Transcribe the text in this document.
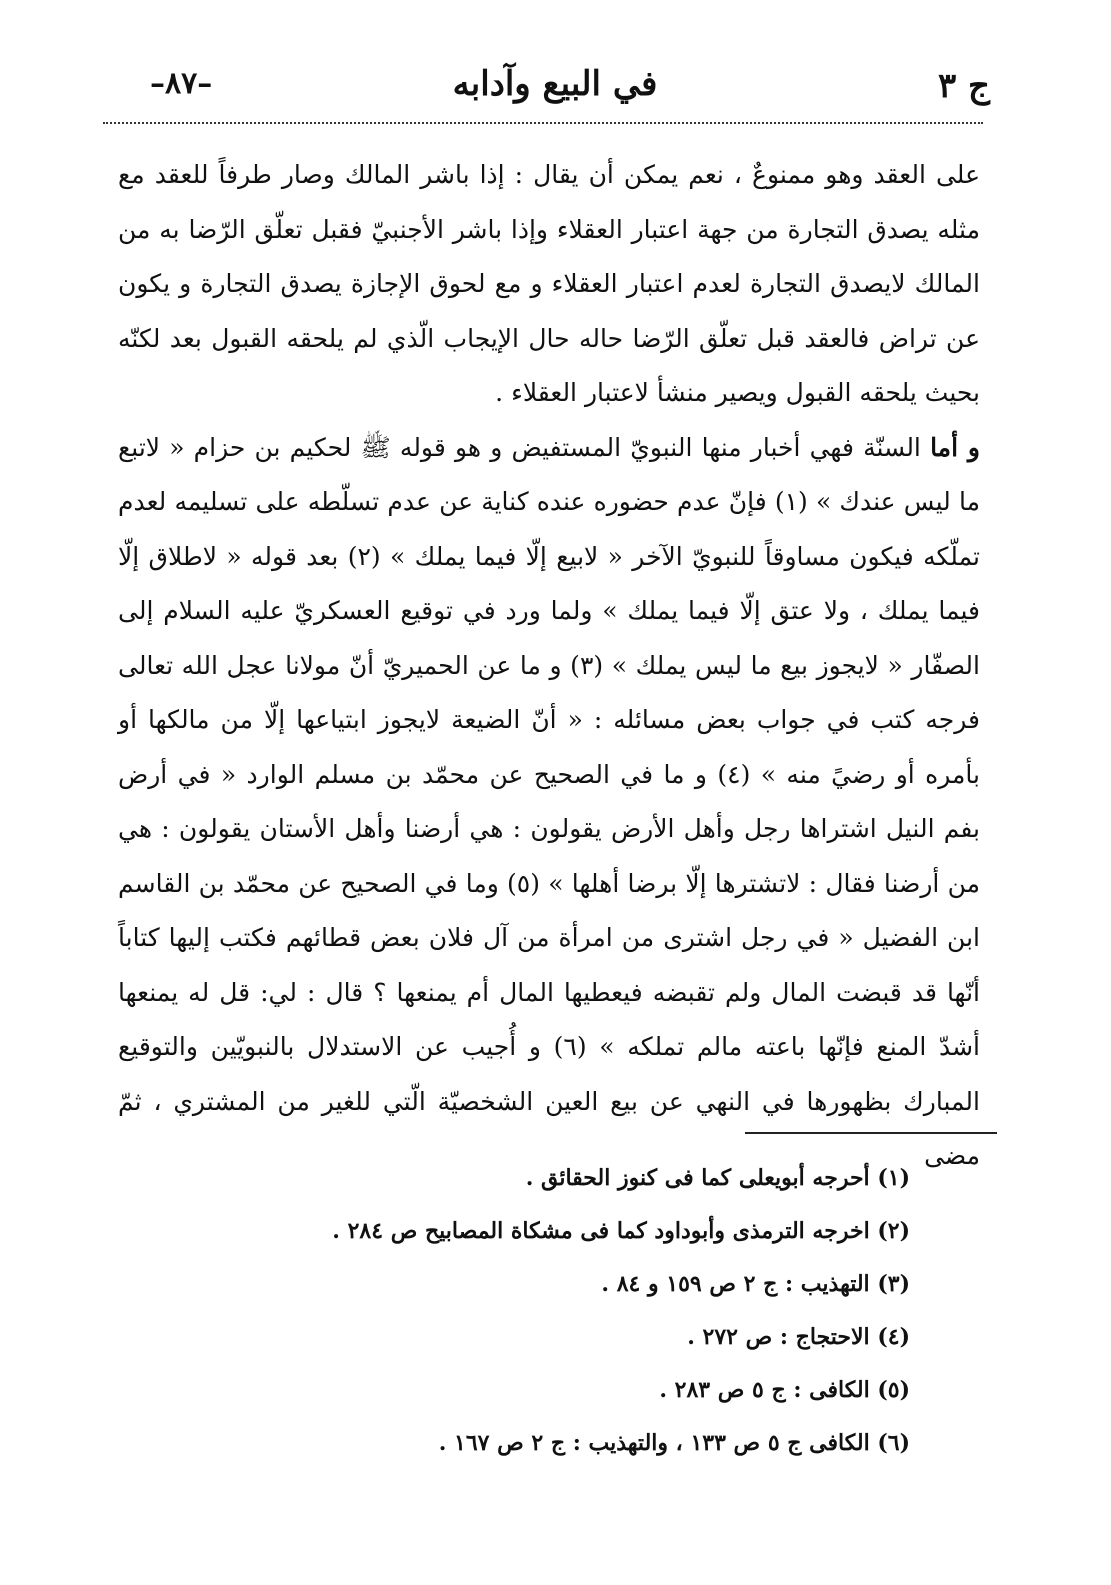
ج ٣
في البيع وآدابه
–٨٧–

على العقد وهو ممنوعٌ ، نعم يمكن أن يقال : إذا باشر المالك وصار طرفاً للعقد مع مثله يصدق التجارة من جهة اعتبار العقلاء وإذا باشر الأجنبيّ فقبل تعلّق الرّضا به من المالك لايصدق التجارة لعدم اعتبار العقلاء و مع لحوق الإجازة يصدق التجارة و يكون عن تراض فالعقد قبل تعلّق الرّضا حاله حال الإيجاب الّذي لم يلحقه القبول بعد لكنّه بحيث يلحقه القبول ويصير منشأ لاعتبار العقلاء .

و أما السنّة فهي أخبار منها النبويّ المستفيض و هو قوله ﷺ لحكيم بن حزام « لاتبع ما ليس عندك » (١) فإنّ عدم حضوره عنده كناية عن عدم تسلّطه على تسليمه لعدم تملّكه فيكون مساوقاً للنبويّ الآخر « لابيع إلّا فيما يملك » (٢) بعد قوله « لاطلاق إلّا فيما يملك ، ولا عتق إلّا فيما يملك » ولما ورد في توقيع العسكريّ عليه السلام إلى الصفّار « لايجوز بيع ما ليس يملك » (٣) و ما عن الحميريّ أنّ مولانا عجل الله تعالى فرجه كتب في جواب بعض مسائله : « أنّ الضيعة لايجوز ابتياعها إلّا من مالكها أو بأمره أو رضيً منه » (٤) و ما في الصحيح عن محمّد بن مسلم الوارد « في أرض بفم النيل اشتراها رجل وأهل الأرض يقولون : هي أرضنا وأهل الأستان يقولون : هي من أرضنا فقال : لاتشترها إلّا برضا أهلها » (٥) وما في الصحيح عن محمّد بن القاسم ابن الفضيل « في رجل اشترى من امرأة من آل فلان بعض قطائهم فكتب إليها كتاباً أنّها قد قبضت المال ولم تقبضه فيعطيها المال أم يمنعها ؟ قال : لي: قل له يمنعها أشدّ المنع فإنّها باعته مالم تملكه » (٦) و أُجيب عن الاستدلال بالنبويّين والتوقيع المبارك بظهورها في النهي عن بيع العين الشخصيّة الّتي للغير من المشتري ، ثمّ مضى

(١) أحرجه أبويعلى كما فى كنوز الحقائق .
(٢) اخرجه الترمذى وأبوداود كما فى مشكاة المصابيح ص ٢٨٤ .
(٣) التهذيب : ج ٢ ص ١٥٩ و ٨٤ .
(٤) الاحتجاج : ص ٢٧٢ .
(٥) الكافى : ج ٥ ص ٢٨٣ .
(٦) الكافى ج ٥ ص ١٣٣ ، والتهذيب : ج ٢ ص ١٦٧ .
